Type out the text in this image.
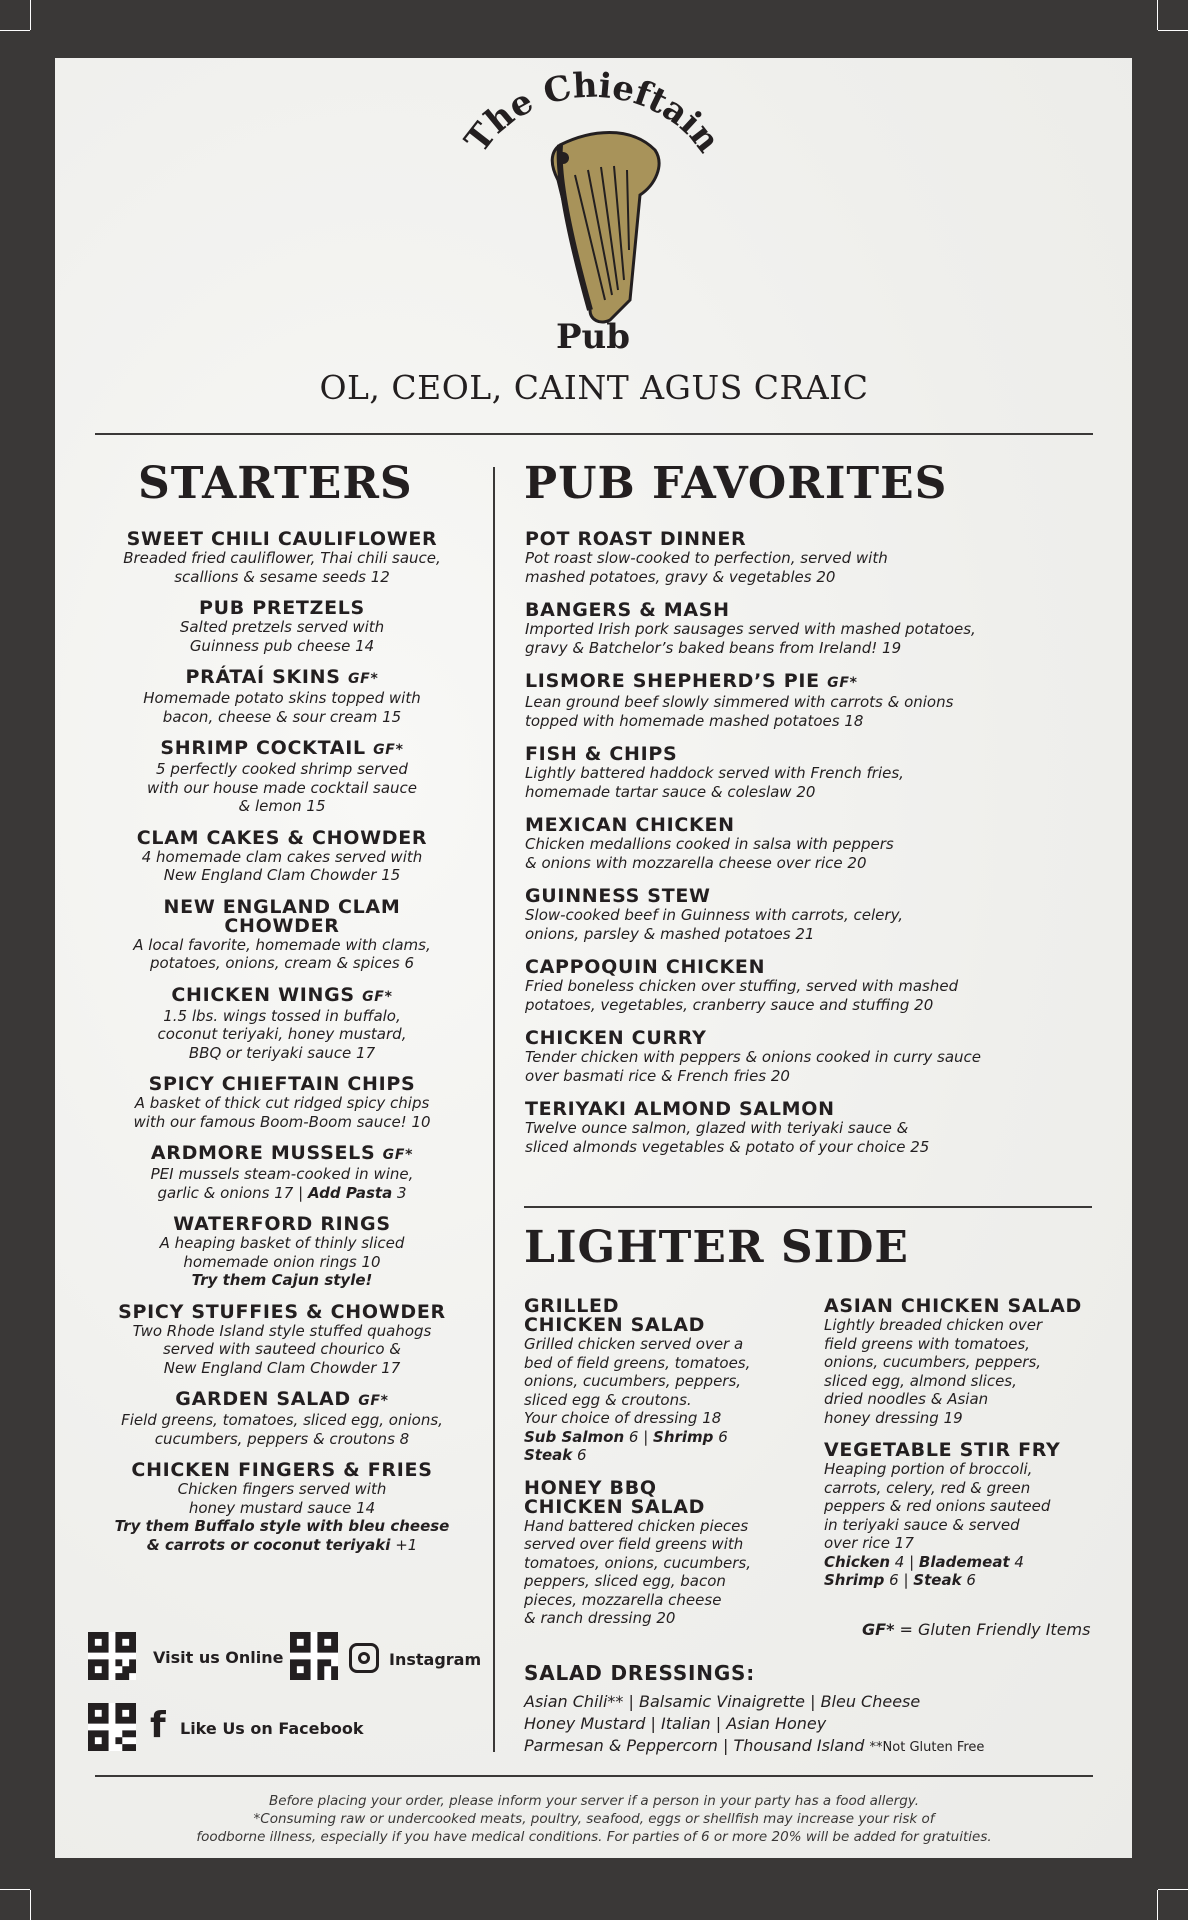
The Chieftain
Pub
OL, CEOL, CAINT AGUS CRAIC
STARTERS	PUB FAVORITES
LIGHTER SIDE
SWEET CHILI CAULIFLOWER
Breaded fried cauliflower, Thai chili sauce,
scallions & sesame seeds 12
PUB PRETZELS
Salted pretzels served with
Guinness pub cheese 14
PRÁTAÍ SKINS GF*
Homemade potato skins topped with
bacon, cheese & sour cream 15
SHRIMP COCKTAIL GF*
5 perfectly cooked shrimp served
with our house made cocktail sauce
& lemon 15
CLAM CAKES & CHOWDER
4 homemade clam cakes served with
New England Clam Chowder 15
NEW ENGLAND CLAM CHOWDER
A local favorite, homemade with clams,
potatoes, onions, cream & spices 6
CHICKEN WINGS GF*
1.5 lbs. wings tossed in buffalo,
coconut teriyaki, honey mustard,
BBQ or teriyaki sauce 17
SPICY CHIEFTAIN CHIPS
A basket of thick cut ridged spicy chips
with our famous Boom-Boom sauce! 10
ARDMORE MUSSELS GF*
PEI mussels steam-cooked in wine,
garlic & onions 17 | Add Pasta 3
WATERFORD RINGS
A heaping basket of thinly sliced
homemade onion rings 10
Try them Cajun style!
SPICY STUFFIES & CHOWDER
Two Rhode Island style stuffed quahogs
served with sauteed chourico &
New England Clam Chowder 17
GARDEN SALAD GF*
Field greens, tomatoes, sliced egg, onions,
cucumbers, peppers & croutons 8
CHICKEN FINGERS & FRIES
Chicken fingers served with
honey mustard sauce 14
Try them Buffalo style with bleu cheese
& carrots or coconut teriyaki +1
POT ROAST DINNER
Pot roast slow-cooked to perfection, served with
mashed potatoes, gravy & vegetables 20
BANGERS & MASH
Imported Irish pork sausages served with mashed potatoes,
gravy & Batchelor’s baked beans from Ireland! 19
LISMORE SHEPHERD’S PIE GF*
Lean ground beef slowly simmered with carrots & onions
topped with homemade mashed potatoes 18
FISH & CHIPS
Lightly battered haddock served with French fries,
homemade tartar sauce & coleslaw 20
MEXICAN CHICKEN
Chicken medallions cooked in salsa with peppers
& onions with mozzarella cheese over rice 20
GUINNESS STEW
Slow-cooked beef in Guinness with carrots, celery,
onions, parsley & mashed potatoes 21
CAPPOQUIN CHICKEN
Fried boneless chicken over stuffing, served with mashed
potatoes, vegetables, cranberry sauce and stuffing 20
CHICKEN CURRY
Tender chicken with peppers & onions cooked in curry sauce
over basmati rice & French fries 20
TERIYAKI ALMOND SALMON
Twelve ounce salmon, glazed with teriyaki sauce &
sliced almonds vegetables & potato of your choice 25
GRILLED
CHICKEN SALAD
Grilled chicken served over a
bed of field greens, tomatoes,
onions, cucumbers, peppers,
sliced egg & croutons.
Your choice of dressing 18
Sub Salmon 6 | Shrimp 6
Steak 6
HONEY BBQ
CHICKEN SALAD
Hand battered chicken pieces
served over field greens with
tomatoes, onions, cucumbers,
peppers, sliced egg, bacon
pieces, mozzarella cheese
& ranch dressing 20
ASIAN CHICKEN SALAD
Lightly breaded chicken over
field greens with tomatoes,
onions, cucumbers, peppers,
sliced egg, almond slices,
dried noodles & Asian
honey dressing 19
VEGETABLE STIR FRY
Heaping portion of broccoli,
carrots, celery, red & green
peppers & red onions sauteed
in teriyaki sauce & served
over rice 17
Chicken 4 | Blademeat 4
Shrimp 6 | Steak 6
GF* = Gluten Friendly Items
SALAD DRESSINGS:
Asian Chili** | Balsamic Vinaigrette | Bleu Cheese
Honey Mustard | Italian | Asian Honey
Parmesan & Peppercorn | Thousand Island **Not Gluten Free
Visit us Online	Instagram
f Like Us on Facebook
Before placing your order, please inform your server if a person in your party has a food allergy.
*Consuming raw or undercooked meats, poultry, seafood, eggs or shellfish may increase your risk of
foodborne illness, especially if you have medical conditions. For parties of 6 or more 20% will be added for gratuities.
